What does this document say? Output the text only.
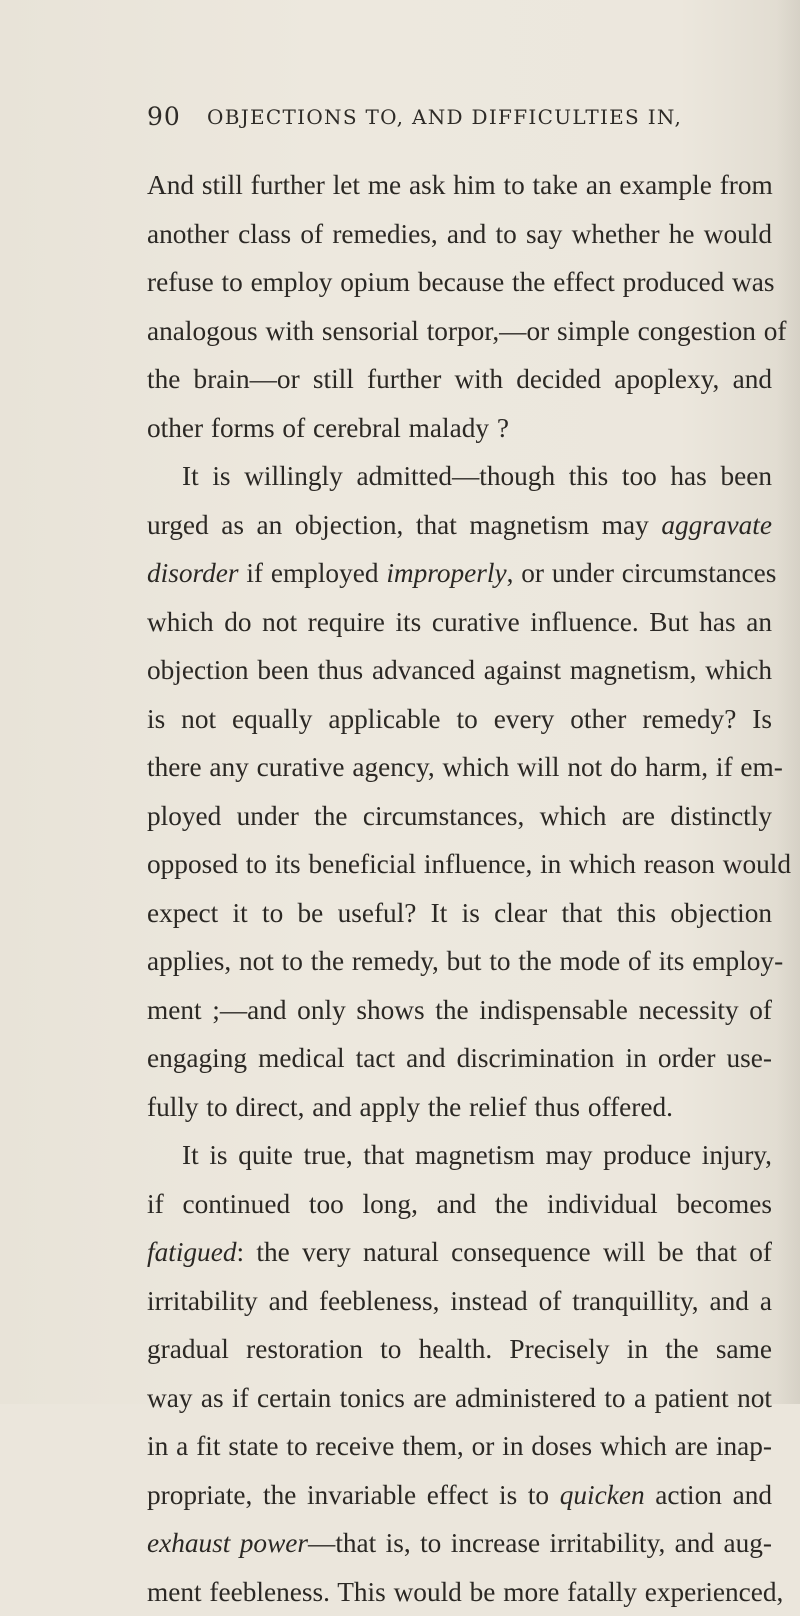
90 OBJECTIONS TO, AND DIFFICULTIES IN,
And still further let me ask him to take an example from
another class of remedies, and to say whether he would
refuse to employ opium because the effect produced was
analogous with sensorial torpor,—or simple congestion of
the brain—or still further with decided apoplexy, and
other forms of cerebral malady ?
It is willingly admitted—though this too has been
urged as an objection, that magnetism may aggravate
disorder if employed improperly, or under circumstances
which do not require its curative influence. But has an
objection been thus advanced against magnetism, which
is not equally applicable to every other remedy? Is
there any curative agency, which will not do harm, if em-
ployed under the circumstances, which are distinctly
opposed to its beneficial influence, in which reason would
expect it to be useful? It is clear that this objection
applies, not to the remedy, but to the mode of its employ-
ment ;—and only shows the indispensable necessity of
engaging medical tact and discrimination in order use-
fully to direct, and apply the relief thus offered.
It is quite true, that magnetism may produce injury,
if continued too long, and the individual becomes
fatigued: the very natural consequence will be that of
irritability and feebleness, instead of tranquillity, and a
gradual restoration to health. Precisely in the same
way as if certain tonics are administered to a patient not
in a fit state to receive them, or in doses which are inap-
propriate, the invariable effect is to quicken action and
exhaust power—that is, to increase irritability, and aug-
ment feebleness. This would be more fatally experienced,
